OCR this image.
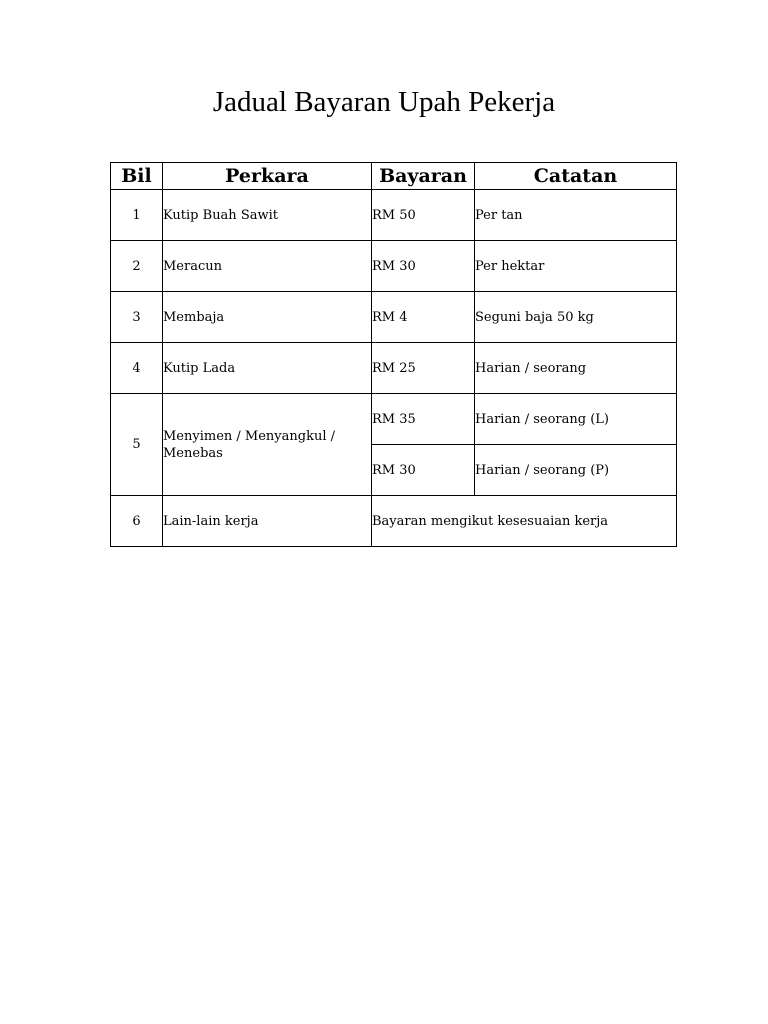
Jadual Bayaran Upah Pekerja
Bil	Perkara	Bayaran	Catatan
1	Kutip Buah Sawit	RM 50	Per tan
2	Meracun	RM 30	Per hektar
3	Membaja	RM 4	Seguni baja 50 kg
4	Kutip Lada	RM 25	Harian / seorang
5	Menyimen / Menyangkul / Menebas	RM 35	Harian / seorang (L)
		RM 30	Harian / seorang (P)
6	Lain-lain kerja	Bayaran mengikut kesesuaian kerja	
